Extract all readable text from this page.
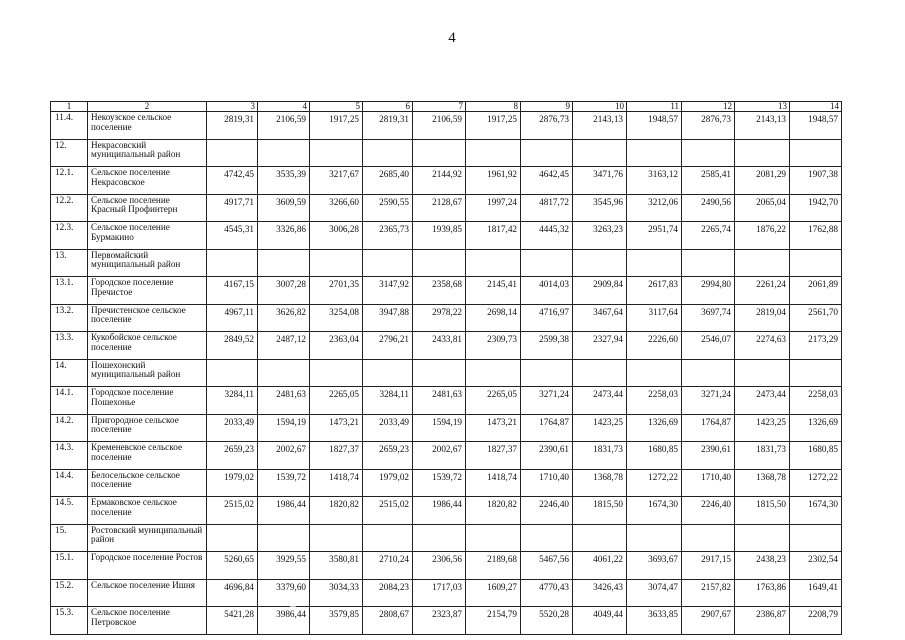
4
1	2	3	4	5	6	7	8	9	10	11	12	13	14
11.4.	Некоузское сельское поселение	2819,31	2106,59	1917,25	2819,31	2106,59	1917,25	2876,73	2143,13	1948,57	2876,73	2143,13	1948,57
12.	Некрасовский муниципальный район												
12.1.	Сельское поселение Некрасовское	4742,45	3535,39	3217,67	2685,40	2144,92	1961,92	4642,45	3471,76	3163,12	2585,41	2081,29	1907,38
12.2.	Сельское поселение Красный Профинтерн	4917,71	3609,59	3266,60	2590,55	2128,67	1997,24	4817,72	3545,96	3212,06	2490,56	2065,04	1942,70
12.3.	Сельское поселение Бурмакино	4545,31	3326,86	3006,28	2365,73	1939,85	1817,42	4445,32	3263,23	2951,74	2265,74	1876,22	1762,88
13.	Первомайский муниципальный район												
13.1.	Городское поселение Пречистое	4167,15	3007,28	2701,35	3147,92	2358,68	2145,41	4014,03	2909,84	2617,83	2994,80	2261,24	2061,89
13.2.	Пречистенское сельское поселение	4967,11	3626,82	3254,08	3947,88	2978,22	2698,14	4716,97	3467,64	3117,64	3697,74	2819,04	2561,70
13.3.	Кукобойское сельское поселение	2849,52	2487,12	2363,04	2796,21	2433,81	2309,73	2599,38	2327,94	2226,60	2546,07	2274,63	2173,29
14.	Пошехонский муниципальный район												
14.1.	Городское поселение Пошехонье	3284,11	2481,63	2265,05	3284,11	2481,63	2265,05	3271,24	2473,44	2258,03	3271,24	2473,44	2258,03
14.2.	Пригородное сельское поселение	2033,49	1594,19	1473,21	2033,49	1594,19	1473,21	1764,87	1423,25	1326,69	1764,87	1423,25	1326,69
14.3.	Кременевское сельское поселение	2659,23	2002,67	1827,37	2659,23	2002,67	1827,37	2390,61	1831,73	1680,85	2390,61	1831,73	1680,85
14.4.	Белосельское сельское поселение	1979,02	1539,72	1418,74	1979,02	1539,72	1418,74	1710,40	1368,78	1272,22	1710,40	1368,78	1272,22
14.5.	Ермаковское сельское поселение	2515,02	1986,44	1820,82	2515,02	1986,44	1820,82	2246,40	1815,50	1674,30	2246,40	1815,50	1674,30
15.	Ростовский муниципальный район												
15.1.	Городское поселение Ростов	5260,65	3929,55	3580,81	2710,24	2306,56	2189,68	5467,56	4061,22	3693,67	2917,15	2438,23	2302,54
15.2.	Сельское поселение Ишня	4696,84	3379,60	3034,33	2084,23	1717,03	1609,27	4770,43	3426,43	3074,47	2157,82	1763,86	1649,41
15.3.	Сельское поселение Петровское	5421,28	3986,44	3579,85	2808,67	2323,87	2154,79	5520,28	4049,44	3633,85	2907,67	2386,87	2208,79
